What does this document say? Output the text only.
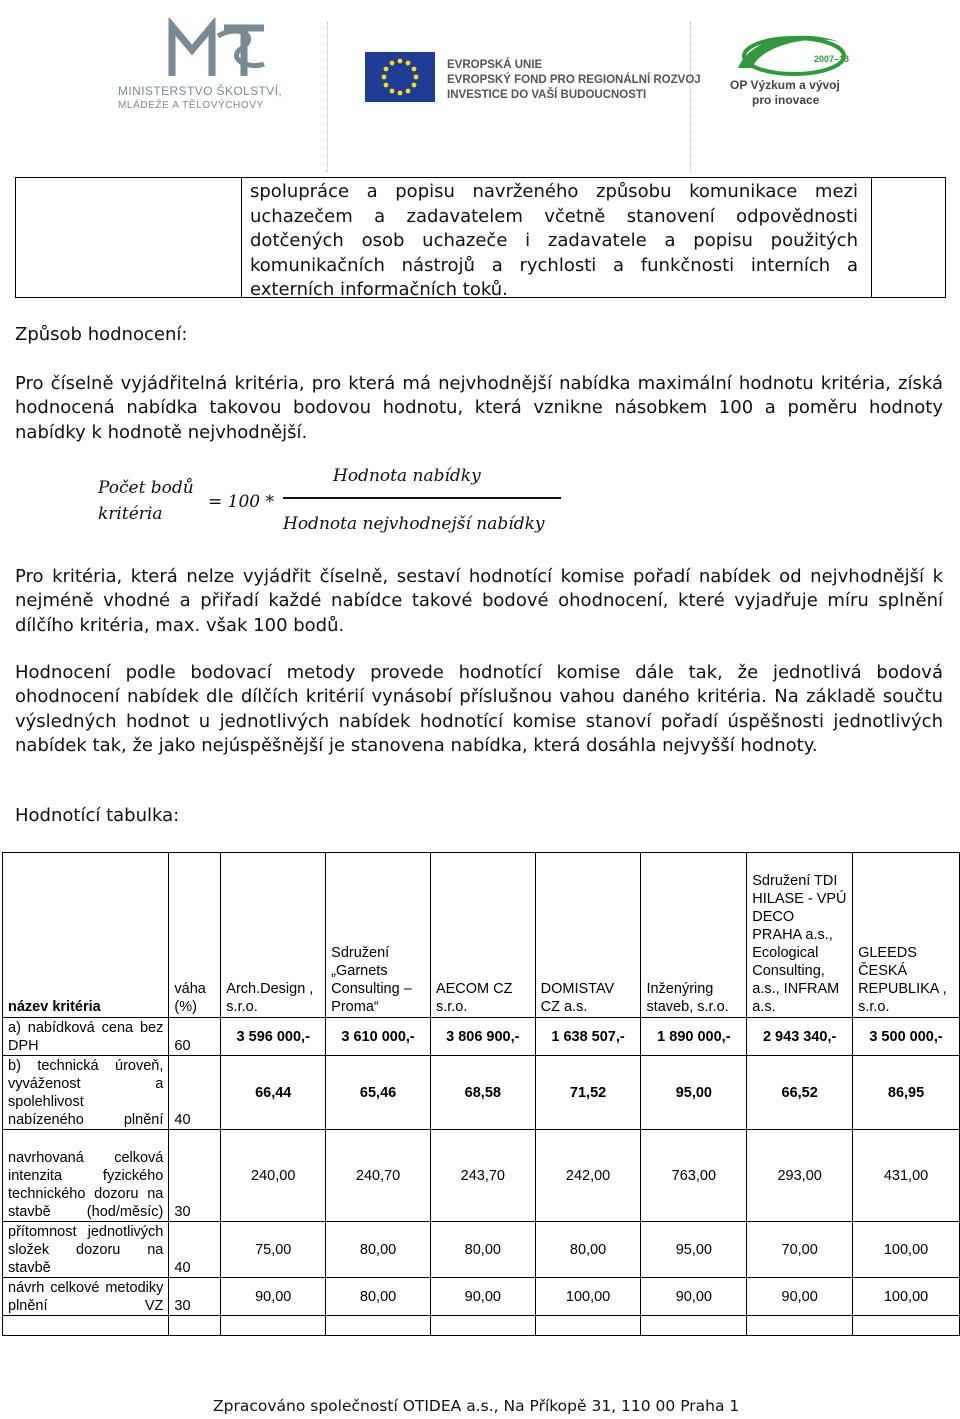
MINISTERSTVO ŠKOLSTVÍ,
MLÁDEŽE A TĚLOVÝCHOVY
EVROPSKÁ UNIE
EVROPSKÝ FOND PRO REGIONÁLNÍ ROZVOJ
INVESTICE DO VAŠÍ BUDOUCNOSTI
2007–13
OP Výzkum a vývoj
pro inovace
spolupráce a popisu navrženého způsobu komunikace mezi uchazečem a zadavatelem včetně stanovení odpovědnosti dotčených osob uchazeče i zadavatele a popisu použitých komunikačních nástrojů a rychlosti a funkčnosti interních a externích informačních toků.
Způsob hodnocení:
Pro číselně vyjádřitelná kritéria, pro která má nejvhodnější nabídka maximální hodnotu kritéria, získá hodnocená nabídka takovou bodovou hodnotu, která vznikne násobkem 100 a poměru hodnoty nabídky k hodnotě nejvhodnější.
Počet bodů
kritéria
= 100 *
Hodnota nabídky
Hodnota nejvhodnejší nabídky
Pro kritéria, která nelze vyjádřit číselně, sestaví hodnotící komise pořadí nabídek od nejvhodnější k nejméně vhodné a přiřadí každé nabídce takové bodové ohodnocení, které vyjadřuje míru splnění dílčího kritéria, max. však 100 bodů.
Hodnocení podle bodovací metody provede hodnotící komise dále tak, že jednotlivá bodová ohodnocení nabídek dle dílčích kritérií vynásobí příslušnou vahou daného kritéria. Na základě součtu výsledných hodnot u jednotlivých nabídek hodnotící komise stanoví pořadí úspěšnosti jednotlivých nabídek tak, že jako nejúspěšnější je stanovena nabídka, která dosáhla nejvyšší hodnoty.
Hodnotící tabulka:
název kritéria	váha (%)	Arch.Design , s.r.o.	Sdružení „Garnets Consulting – Proma“	AECOM CZ s.r.o.	DOMISTAV CZ a.s.	Inženýring staveb, s.r.o.	Sdružení TDI HILASE - VPÚ DECO PRAHA a.s., Ecological Consulting, a.s., INFRAM a.s.	GLEEDS ČESKÁ REPUBLIKA , s.r.o.
a) nabídková cena bez DPH	60	3 596 000,-	3 610 000,-	3 806 900,-	1 638 507,-	1 890 000,-	2 943 340,-	3 500 000,-
b) technická úroveň, vyváženost a spolehlivost nabízeného plnění	40	66,44	65,46	68,58	71,52	95,00	66,52	86,95
navrhovaná celková intenzita fyzického technického dozoru na stavbě (hod/měsíc)	30	240,00	240,70	243,70	242,00	763,00	293,00	431,00
přítomnost jednotlivých složek dozoru na stavbě	40	75,00	80,00	80,00	80,00	95,00	70,00	100,00
návrh celkové metodiky plnění VZ	30	90,00	80,00	90,00	100,00	90,00	90,00	100,00

Zpracováno společností OTIDEA a.s., Na Příkopě 31, 110 00 Praha 1
